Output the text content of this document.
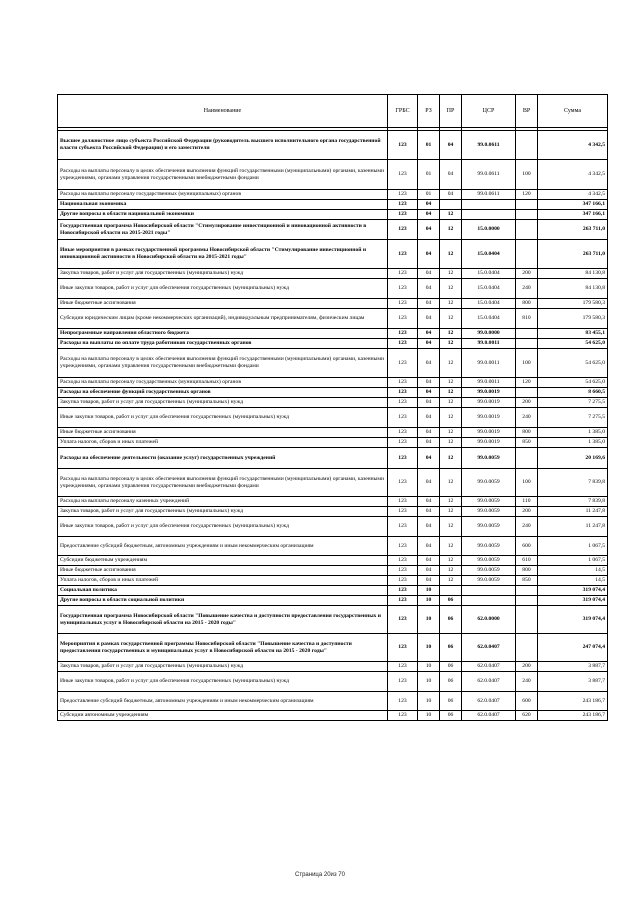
Наименование	ГРБС	РЗ	ПР	ЦСР	ВР	Сумма

Высшее должностное лицо субъекта Российской Федерации (руководитель высшего исполнительного органа государственной власти субъекта Российской Федерации) и его заместители	123	01	04	99.0.0611		4 342,5
Расходы на выплаты персоналу в целях обеспечения выполнения функций государственными (муниципальными) органами, казенными учреждениями, органами управления государственными внебюджетными фондами	123	01	04	99.0.0611	100	4 342,5
Расходы на выплаты персоналу государственных (муниципальных) органов	123	01	04	99.0.0611	120	4 342,5
Национальная экономика	123	04				347 166,1
Другие вопросы в области национальной экономики	123	04	12			347 166,1
Государственная программа Новосибирской области "Стимулирование инвестиционной и инновационной активности в Новосибирской области на 2015-2021 годы"	123	04	12	15.0.0000		263 711,0
Иные мероприятия в рамках государственной программы Новосибирской области "Стимулирование инвестиционной и инновационной активности в Новосибирской области на 2015-2021 годы"	123	04	12	15.0.0404		263 711,0
Закупка товаров, работ и услуг для государственных (муниципальных) нужд	123	04	12	15.0.0404	200	84 130,8
Иные закупки товаров, работ и услуг для обеспечения государственных (муниципальных) нужд	123	04	12	15.0.0404	240	84 130,8
Иные бюджетные ассигнования	123	04	12	15.0.0404	800	179 580,3
Субсидии юридическим лицам (кроме некоммерческих организаций), индивидуальным предпринимателям, физическим лицам	123	04	12	15.0.0404	810	179 580,3
Непрограммные направления областного бюджета	123	04	12	99.0.0000		83 455,1
Расходы на выплаты по оплате труда работников государственных органов	123	04	12	99.0.0011		54 625,0
Расходы на выплаты персоналу в целях обеспечения выполнения функций государственными (муниципальными) органами, казенными учреждениями, органами управления государственными внебюджетными фондами	123	04	12	99.0.0011	100	54 625,0
Расходы на выплаты персоналу государственных (муниципальных) органов	123	04	12	99.0.0011	120	54 625,0
Расходы на обеспечение функций государственных органов	123	04	12	99.0.0019		8 660,5
Закупка товаров, работ и услуг для государственных (муниципальных) нужд	123	04	12	99.0.0019	200	7 275,5
Иные закупки товаров, работ и услуг для обеспечения государственных (муниципальных) нужд	123	04	12	99.0.0019	240	7 275,5
Иные бюджетные ассигнования	123	04	12	99.0.0019	800	1 385,0
Уплата налогов, сборов и иных платежей	123	04	12	99.0.0019	850	1 385,0
Расходы на обеспечение деятельности (оказание услуг) государственных учреждений	123	04	12	99.0.0059		20 169,6
Расходы на выплаты персоналу в целях обеспечения выполнения функций государственными (муниципальными) органами, казенными учреждениями, органами управления государственными внебюджетными фондами	123	04	12	99.0.0059	100	7 839,8
Расходы на выплаты персоналу казенных учреждений	123	04	12	99.0.0059	110	7 839,8
Закупка товаров, работ и услуг для государственных (муниципальных) нужд	123	04	12	99.0.0059	200	11 247,8
Иные закупки товаров, работ и услуг для обеспечения государственных (муниципальных) нужд	123	04	12	99.0.0059	240	11 247,8
Предоставление субсидий бюджетным, автономным учреждениям и иным некоммерческим организациям	123	04	12	99.0.0059	600	1 067,5
Субсидии бюджетным учреждениям	123	04	12	99.0.0059	610	1 067,5
Иные бюджетные ассигнования	123	04	12	99.0.0059	800	14,5
Уплата налогов, сборов и иных платежей	123	04	12	99.0.0059	850	14,5
Социальная политика	123	10				319 074,4
Другие вопросы в области социальной политики	123	10	06			319 074,4
Государственная программа Новосибирской области "Повышение качества и доступности предоставления государственных и муниципальных услуг в Новосибирской области на 2015 - 2020 годы"	123	10	06	62.0.0000		319 074,4
Мероприятия в рамках государственной программы Новосибирской области "Повышение качества и доступности предоставления государственных и муниципальных услуг в Новосибирской области на 2015 - 2020 годы"	123	10	06	62.0.0407		247 074,4
Закупка товаров, работ и услуг для государственных (муниципальных) нужд	123	10	06	62.0.0407	200	3 887,7
Иные закупки товаров, работ и услуг для обеспечения государственных (муниципальных) нужд	123	10	06	62.0.0407	240	3 887,7
Предоставление субсидий бюджетным, автономным учреждениям и иным некоммерческим организациям	123	10	06	62.0.0407	600	243 186,7
Субсидии автономным учреждениям	123	10	06	62.0.0407	620	243 186,7
Страница 20из 70
